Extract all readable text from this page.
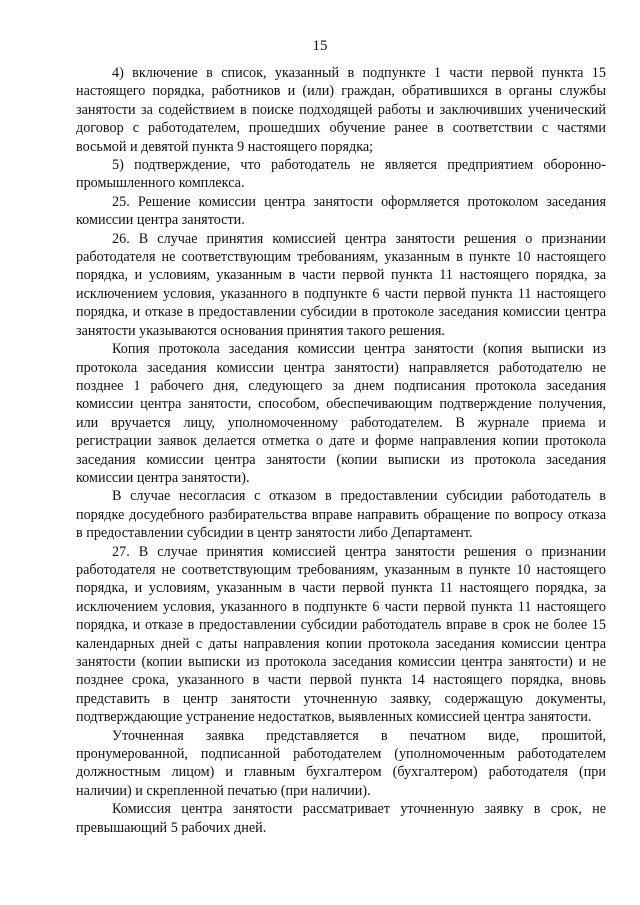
15

4) включение в список, указанный в подпункте 1 части первой пункта 15 настоящего порядка, работников и (или) граждан, обратившихся в органы службы занятости за содействием в поиске подходящей работы и заключивших ученический договор с работодателем, прошедших обучение ранее в соответствии с частями восьмой и девятой пункта 9 настоящего порядка;

5) подтверждение, что работодатель не является предприятием оборонно-промышленного комплекса.

25. Решение комиссии центра занятости оформляется протоколом заседания комиссии центра занятости.

26. В случае принятия комиссией центра занятости решения о признании работодателя не соответствующим требованиям, указанным в пункте 10 настоящего порядка, и условиям, указанным в части первой пункта 11 настоящего порядка, за исключением условия, указанного в подпункте 6 части первой пункта 11 настоящего порядка, и отказе в предоставлении субсидии в протоколе заседания комиссии центра занятости указываются основания принятия такого решения.

Копия протокола заседания комиссии центра занятости (копия выписки из протокола заседания комиссии центра занятости) направляется работодателю не позднее 1 рабочего дня, следующего за днем подписания протокола заседания комиссии центра занятости, способом, обеспечивающим подтверждение получения, или вручается лицу, уполномоченному работодателем. В журнале приема и регистрации заявок делается отметка о дате и форме направления копии протокола заседания комиссии центра занятости (копии выписки из протокола заседания комиссии центра занятости).

В случае несогласия с отказом в предоставлении субсидии работодатель в порядке досудебного разбирательства вправе направить обращение по вопросу отказа в предоставлении субсидии в центр занятости либо Департамент.

27. В случае принятия комиссией центра занятости решения о признании работодателя не соответствующим требованиям, указанным в пункте 10 настоящего порядка, и условиям, указанным в части первой пункта 11 настоящего порядка, за исключением условия, указанного в подпункте 6 части первой пункта 11 настоящего порядка, и отказе в предоставлении субсидии работодатель вправе в срок не более 15 календарных дней с даты направления копии протокола заседания комиссии центра занятости (копии выписки из протокола заседания комиссии центра занятости) и не позднее срока, указанного в части первой пункта 14 настоящего порядка, вновь представить в центр занятости уточненную заявку, содержащую документы, подтверждающие устранение недостатков, выявленных комиссией центра занятости.

Уточненная заявка представляется в печатном виде, прошитой, пронумерованной, подписанной работодателем (уполномоченным работодателем должностным лицом) и главным бухгалтером (бухгалтером) работодателя (при наличии) и скрепленной печатью (при наличии).

Комиссия центра занятости рассматривает уточненную заявку в срок, не превышающий 5 рабочих дней.
